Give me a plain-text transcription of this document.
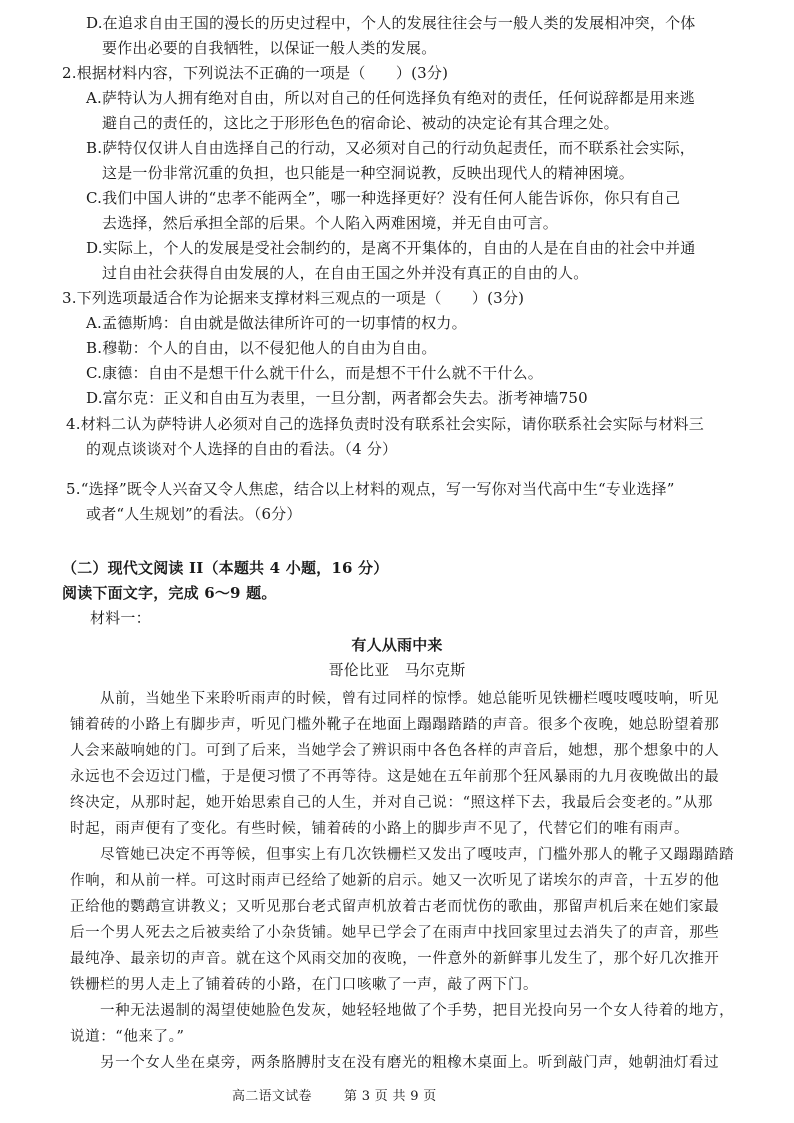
D.在追求自由王国的漫长的历史过程中，个人的发展往往会与一般人类的发展相冲突，个体
要作出必要的自我牺牲，以保证一般人类的发展。
2.根据材料内容，下列说法不正确的一项是（　　）(3分)
A.萨特认为人拥有绝对自由，所以对自己的任何选择负有绝对的责任，任何说辞都是用来逃
避自己的责任的，这比之于形形色色的宿命论、被动的决定论有其合理之处。
B.萨特仅仅讲人自由选择自己的行动，又必须对自己的行动负起责任，而不联系社会实际，
这是一份非常沉重的负担，也只能是一种空洞说教，反映出现代人的精神困境。
C.我们中国人讲的“忠孝不能两全”，哪一种选择更好？没有任何人能告诉你，你只有自己
去选择，然后承担全部的后果。个人陷入两难困境，并无自由可言。
D.实际上，个人的发展是受社会制约的，是离不开集体的，自由的人是在自由的社会中并通
过自由社会获得自由发展的人，在自由王国之外并没有真正的自由的人。
3.下列选项最适合作为论据来支撑材料三观点的一项是（　　）(3分)
A.孟德斯鸠：自由就是做法律所许可的一切事情的权力。
B.穆勒：个人的自由，以不侵犯他人的自由为自由。
C.康德：自由不是想干什么就干什么，而是想不干什么就不干什么。
D.富尔克：正义和自由互为表里，一旦分割，两者都会失去。浙考神墙750
4.材料二认为萨特讲人必须对自己的选择负责时没有联系社会实际，请你联系社会实际与材料三
的观点谈谈对个人选择的自由的看法。（4 分）
5.“选择”既令人兴奋又令人焦虑，结合以上材料的观点，写一写你对当代高中生“专业选择”
或者“人生规划”的看法。（6分）
（二）现代文阅读 II（本题共 4 小题，16 分）
阅读下面文字，完成 6～9 题。
材料一：
有人从雨中来
哥伦比亚　马尔克斯
从前，当她坐下来聆听雨声的时候，曾有过同样的惊悸。她总能听见铁栅栏嘎吱嘎吱响，听见
铺着砖的小路上有脚步声，听见门槛外靴子在地面上蹋蹋踏踏的声音。很多个夜晚，她总盼望着那
人会来敲响她的门。可到了后来，当她学会了辨识雨中各色各样的声音后，她想，那个想象中的人
永远也不会迈过门槛，于是便习惯了不再等待。这是她在五年前那个狂风暴雨的九月夜晚做出的最
终决定，从那时起，她开始思索自己的人生，并对自己说：“照这样下去，我最后会变老的。”从那
时起，雨声便有了变化。有些时候，铺着砖的小路上的脚步声不见了，代替它们的唯有雨声。
尽管她已决定不再等候，但事实上有几次铁栅栏又发出了嘎吱声，门槛外那人的靴子又蹋蹋踏踏
作响，和从前一样。可这时雨声已经给了她新的启示。她又一次听见了诺埃尔的声音，十五岁的他
正给他的鹦鹉宣讲教义；又听见那台老式留声机放着古老而忧伤的歌曲，那留声机后来在她们家最
后一个男人死去之后被卖给了小杂货铺。她早已学会了在雨声中找回家里过去消失了的声音，那些
最纯净、最亲切的声音。就在这个风雨交加的夜晚，一件意外的新鲜事儿发生了，那个好几次推开
铁栅栏的男人走上了铺着砖的小路，在门口咳嗽了一声，敲了两下门。
一种无法遏制的渴望使她脸色发灰，她轻轻地做了个手势，把目光投向另一个女人待着的地方，
说道：“他来了。”
另一个女人坐在桌旁，两条胳膊肘支在没有磨光的粗橡木桌面上。听到敲门声，她朝油灯看过
高二语文试卷 第 3 页 共 9 页
